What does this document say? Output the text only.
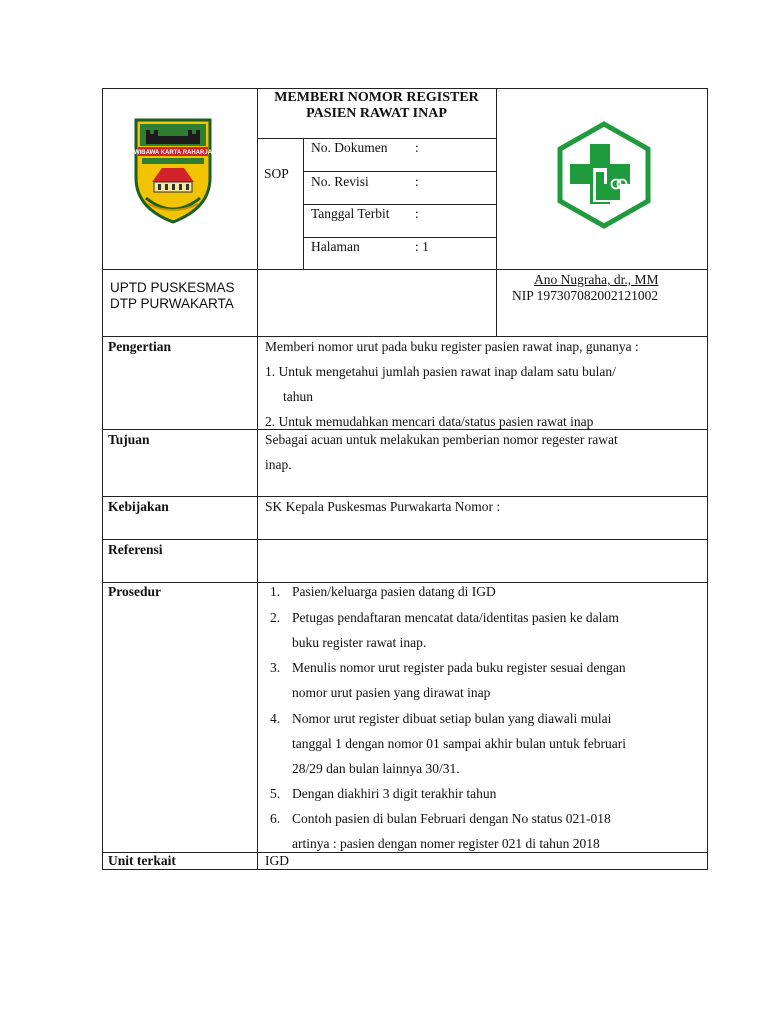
WIBAWA KARTA RAHARJA
MEMBERI NOMOR REGISTER
PASIEN RAWAT INAP
SOP
No. Dokumen :
No. Revisi	:
Tanggal Terbit :
Halaman	: 1
UPTD PUSKESMAS
DTP PURWAKARTA
Ano Nugraha, dr., MM
NIP 197307082002121002
Pengertian	Memberi nomor urut pada buku register pasien rawat inap, gunanya :
1. Untuk mengetahui jumlah pasien rawat inap dalam satu bulan/
tahun
2. Untuk memudahkan mencari data/status pasien rawat inap
Tujuan	Sebagai acuan untuk melakukan pemberian nomor regester rawat
inap.
Kebijakan	SK Kepala Puskesmas Purwakarta Nomor :
Referensi
Prosedur	1. Pasien/keluarga pasien datang di IGD
2. Petugas pendaftaran mencatat data/identitas pasien ke dalam
buku register rawat inap.
3. Menulis nomor urut register pada buku register sesuai dengan
nomor urut pasien yang dirawat inap
4. Nomor urut register dibuat setiap bulan yang diawali mulai
tanggal 1 dengan nomor 01 sampai akhir bulan untuk februari
28/29 dan bulan lainnya 30/31.
5. Dengan diakhiri 3 digit terakhir tahun
6. Contoh pasien di bulan Februari dengan No status 021-018
artinya : pasien dengan nomer register 021 di tahun 2018
Unit terkait	IGD
